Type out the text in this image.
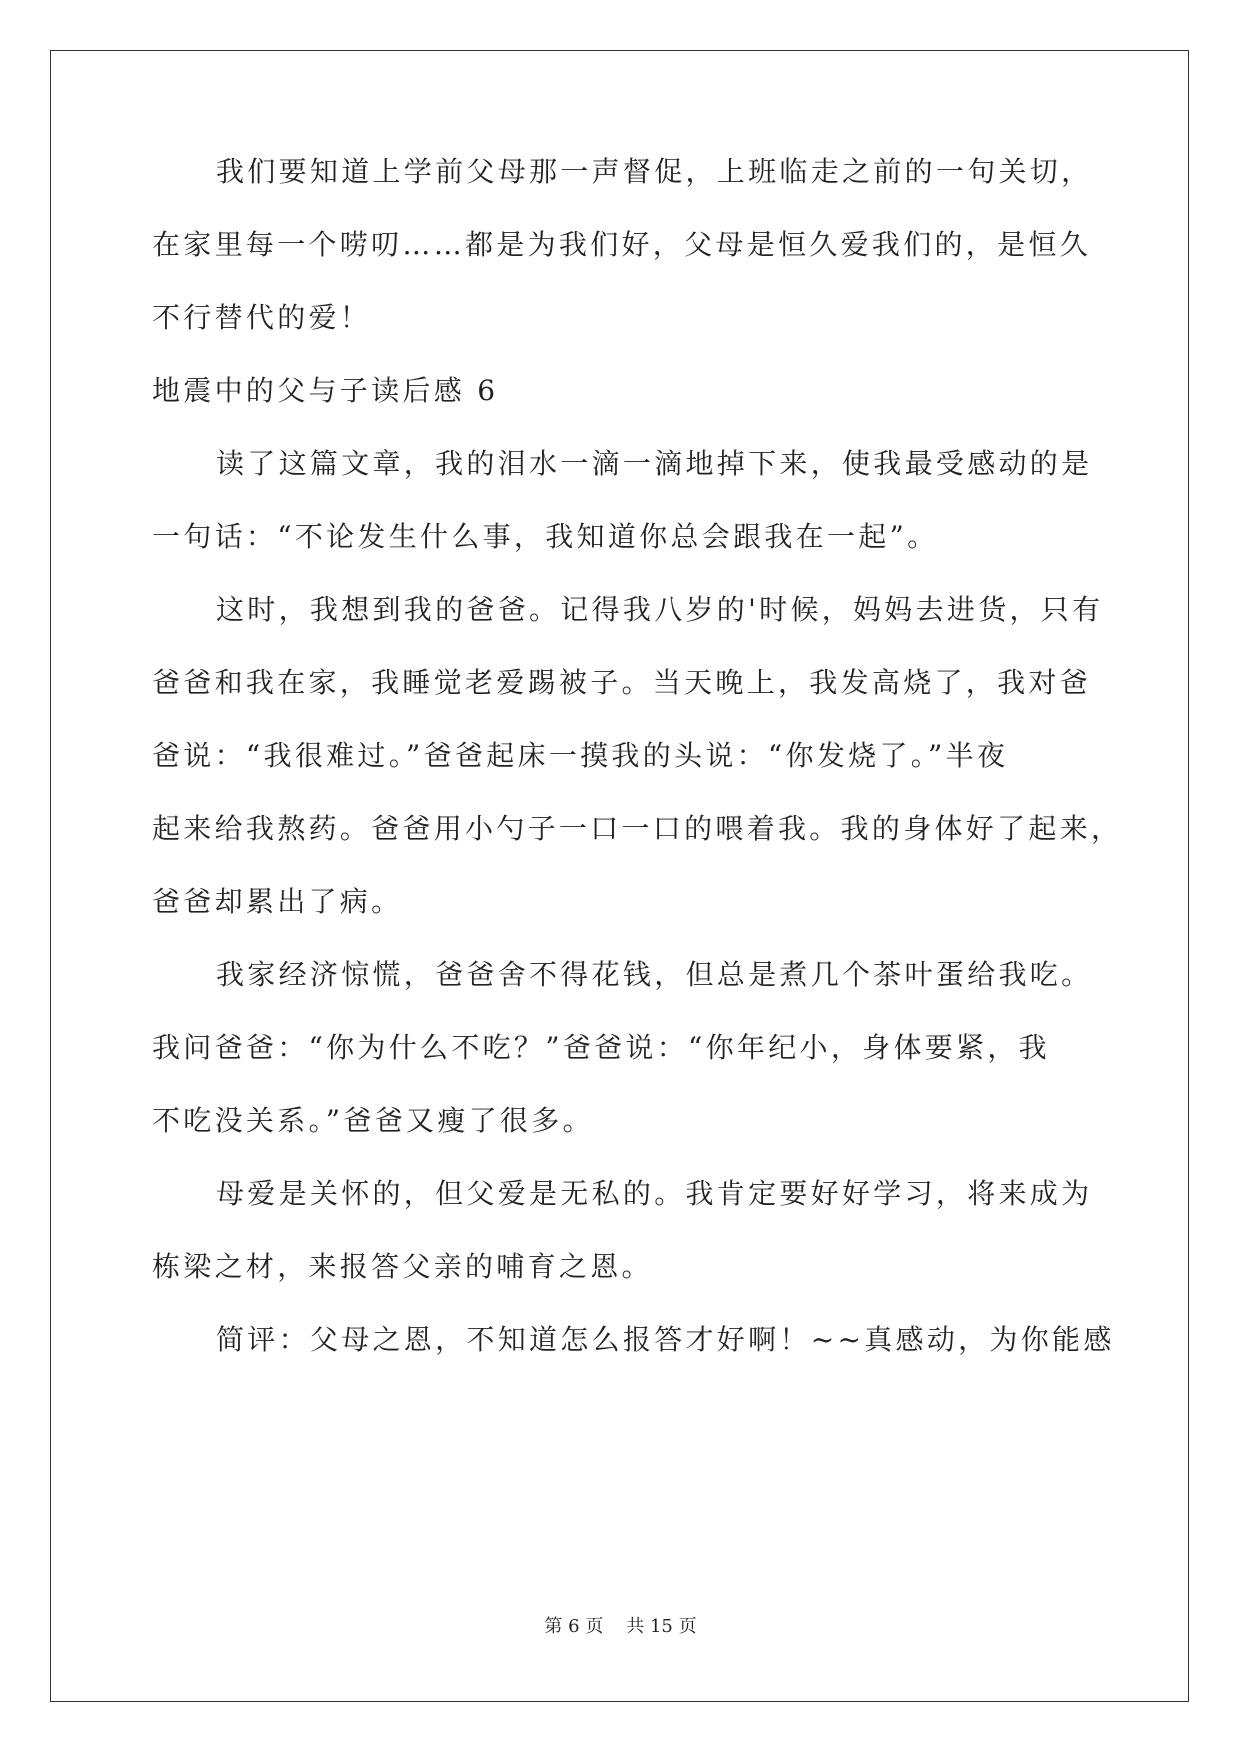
我们要知道上学前父母那一声督促，上班临走之前的一句关切，
在家里每一个唠叨……都是为我们好，父母是恒久爱我们的，是恒久
不行替代的爱！
地震中的父与子读后感 6
读了这篇文章，我的泪水一滴一滴地掉下来，使我最受感动的是
一句话：“不论发生什么事，我知道你总会跟我在一起”。
这时，我想到我的爸爸。记得我八岁的'时候，妈妈去进货，只有
爸爸和我在家，我睡觉老爱踢被子。当天晚上，我发高烧了，我对爸
爸说：“我很难过。”爸爸起床一摸我的头说：“你发烧了。”半夜
起来给我熬药。爸爸用小勺子一口一口的喂着我。我的身体好了起来，
爸爸却累出了病。
我家经济惊慌，爸爸舍不得花钱，但总是煮几个茶叶蛋给我吃。
我问爸爸：“你为什么不吃？”爸爸说：“你年纪小，身体要紧，我
不吃没关系。”爸爸又瘦了很多。
母爱是关怀的，但父爱是无私的。我肯定要好好学习，将来成为
栋梁之材，来报答父亲的哺育之恩。
简评：父母之恩，不知道怎么报答才好啊！~~真感动，为你能感
第 6 页 共 15 页
